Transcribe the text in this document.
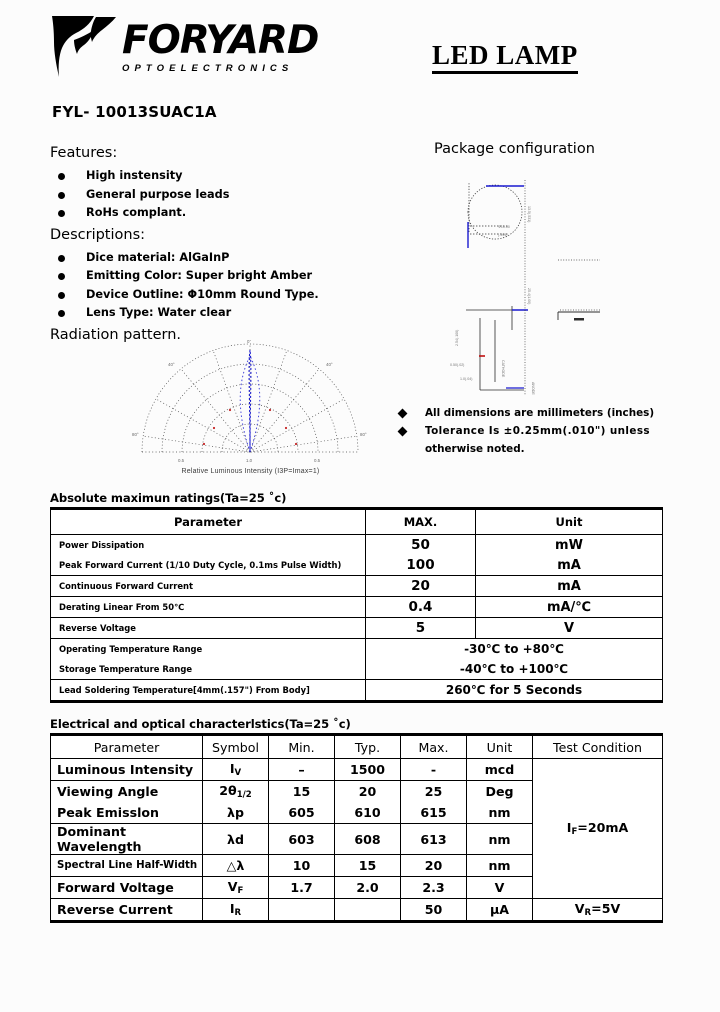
FORYARD
OPTOELECTRONICS	LED LAMP
FYL- 10013SUAC1A
Features:
High instensity
General purpose leads
RoHs complant.
Descriptions:
Dice material: AlGaInP
Emitting Color: Super bright Amber
Device Outline: Φ10mm Round Type.
Lens Type: Water clear
Radiation pattern.	0°
40°
40°
80°
80°
0.5	1.0	0.5
Relative Luminous Intensity (I3P=Imax=1)
Package configuration
Φ10.00
(.394)
13.5(.531)
25.4(1.00)
2.54(.100)
0.50(.02)
1.0(.04)
CATHODE
ANODE
All dimensions are millimeters (inches)
Tolerance Is ±0.25mm(.010") unless
otherwise noted.
Absolute maximun ratings(Ta=25 ˚c)
Parameter	MAX.	Unit
Power Dissipation	50	mW
Peak Forward Current (1/10 Duty Cycle, 0.1ms Pulse Width)	100	mA
Continuous Forward Current	20	mA
Derating Linear From 50℃	0.4	mA/℃
Reverse Voltage	5	V
Operating Temperature Range	-30℃ to +80℃	
Storage Temperature Range	-40℃ to +100℃	
Lead Soldering Temperature[4mm(.157") From Body]	260℃ for 5 Seconds	
Electrical and optical characterlstics(Ta=25 ˚c)
Parameter	Symbol	Min.	Typ.	Max.	Unit	Test Condition
Luminous Intensity	$I_V$	–	1500	-	mcd	$I_F=20mA$
Viewing Angle	$2\theta_{1/2}$	15	20	25	Deg	
Peak Emisslon	λp	605	610	615	nm	
Dominant Wavelength	λd	603	608	613	nm	
Spectral Line Half-Width	△λ	10	15	20	nm	
Forward Voltage	$V_F$	1.7	2.0	2.3	V	
Reverse Current	$I_R$			50	μA	$V_R=5V$
